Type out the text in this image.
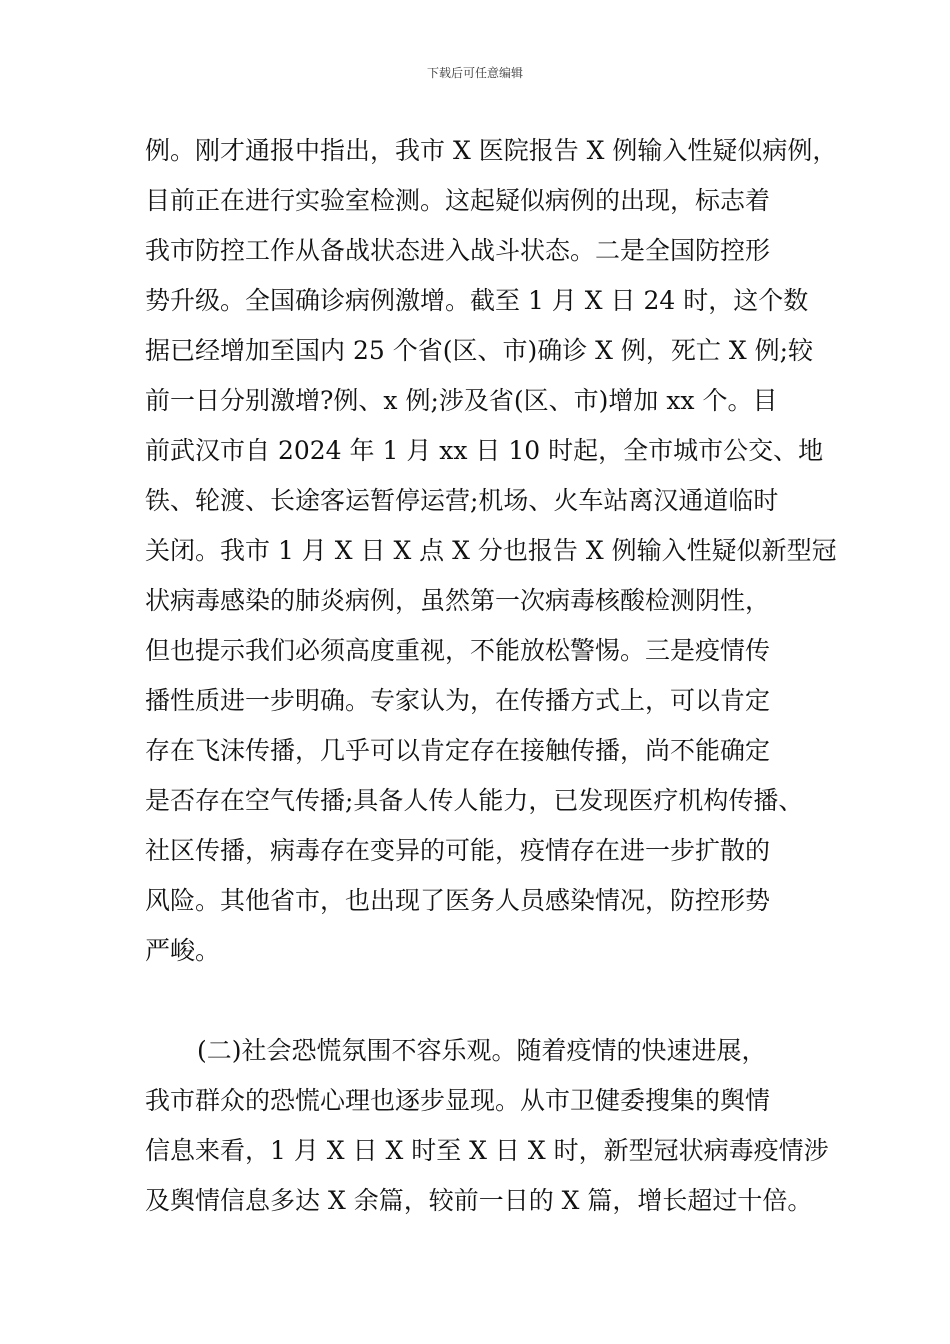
下载后可任意编辑
例。刚才通报中指出，我市 X 医院报告 X 例输入性疑似病例，
目前正在进行实验室检测。这起疑似病例的出现，标志着
我市防控工作从备战状态进入战斗状态。二是全国防控形
势升级。全国确诊病例激增。截至 1 月 X 日 24 时，这个数
据已经增加至国内 25 个省(区、市)确诊 X 例，死亡 X 例;较
前一日分别激增?例、x 例;涉及省(区、市)增加 xx 个。目
前武汉市自 2024 年 1 月 xx 日 10 时起，全市城市公交、地
铁、轮渡、长途客运暂停运营;机场、火车站离汉通道临时
关闭。我市 1 月 X 日 X 点 X 分也报告 X 例输入性疑似新型冠
状病毒感染的肺炎病例，虽然第一次病毒核酸检测阴性，
但也提示我们必须高度重视，不能放松警惕。三是疫情传
播性质进一步明确。专家认为，在传播方式上，可以肯定
存在飞沫传播，几乎可以肯定存在接触传播，尚不能确定
是否存在空气传播;具备人传人能力，已发现医疗机构传播、
社区传播，病毒存在变异的可能，疫情存在进一步扩散的
风险。其他省市，也出现了医务人员感染情况，防控形势
严峻。
(二)社会恐慌氛围不容乐观。随着疫情的快速进展，
我市群众的恐慌心理也逐步显现。从市卫健委搜集的舆情
信息来看，1 月 X 日 X 时至 X 日 X 时，新型冠状病毒疫情涉
及舆情信息多达 X 余篇，较前一日的 X 篇，增长超过十倍。
